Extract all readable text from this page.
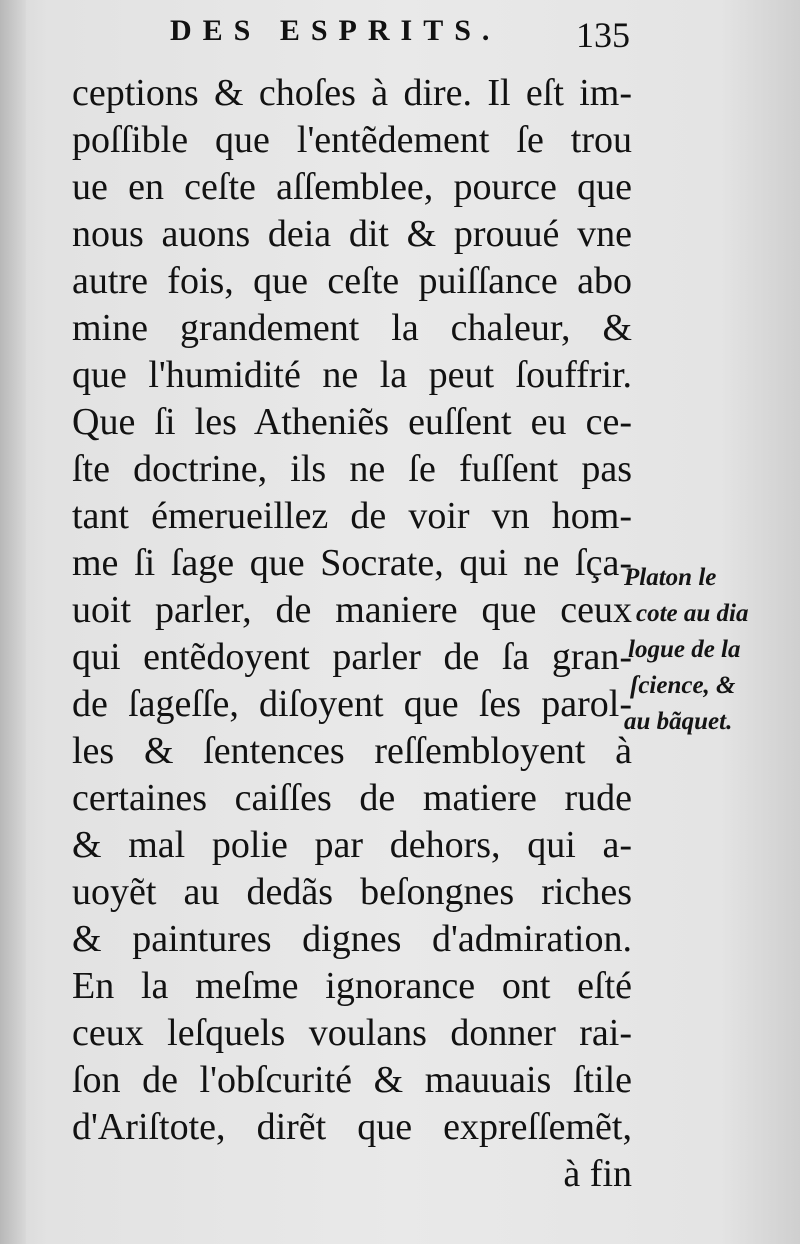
DES ESPRITS. 135
ceptions & choſes à dire. Il eſt im-
poſſible que l'entẽdement ſe trou
ue en ceſte aſſemblee, pource que
nous auons deia dit & prouué vne
autre fois, que ceſte puiſſance abo
mine grandement la chaleur, &
que l'humidité ne la peut ſouffrir.
Que ſi les Atheniẽs euſſent eu ce-
ſte doctrine, ils ne ſe fuſſent pas
tant émerueillez de voir vn hom-
me ſi ſage que Socrate, qui ne ſça-
uoit parler, de maniere que ceux
qui entẽdoyent parler de ſa gran-
de ſageſſe, diſoyent que ſes parol-
les & ſentences reſſembloyent à
certaines caiſſes de matiere rude
& mal polie par dehors, qui a-
uoyẽt au dedãs beſongnes riches
& paintures dignes d'admiration.
En la meſme ignorance ont eſté
ceux leſquels voulans donner rai-
ſon de l'obſcurité & mauuais ſtile
d'Ariſtote, dirẽt que expreſſemẽt,
à fin
Platon le
cote au dia
logue de la
ſcience, &
au bãquet.
